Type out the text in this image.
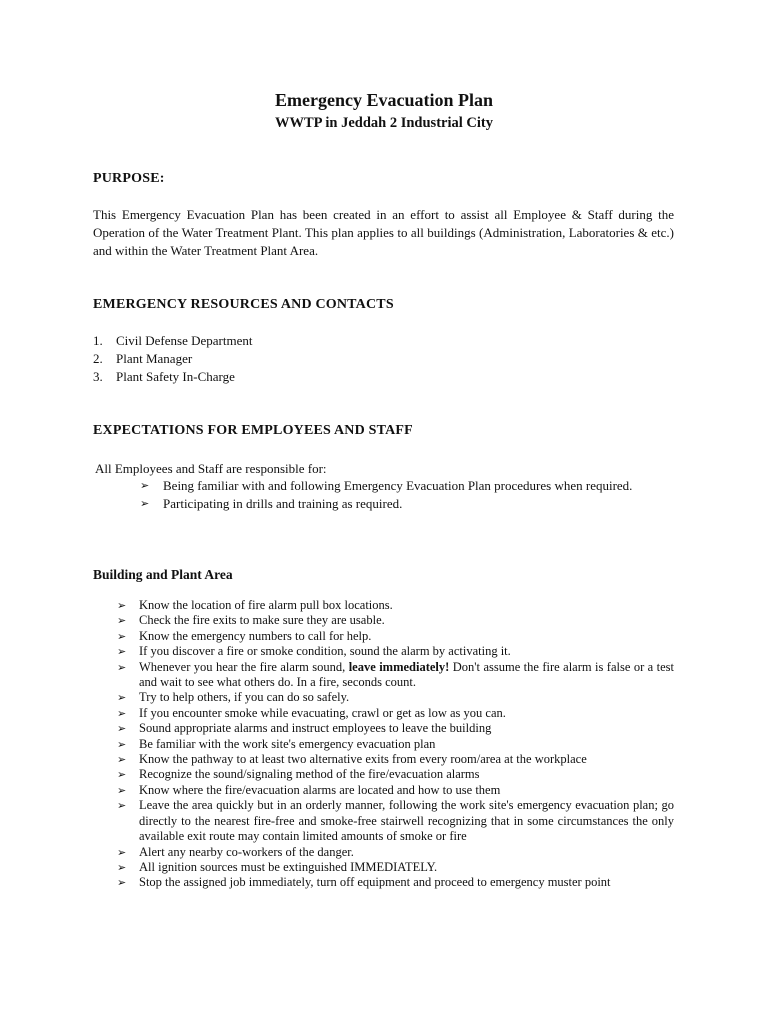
Emergency Evacuation Plan
WWTP in Jeddah 2 Industrial City
PURPOSE:
This Emergency Evacuation Plan has been created in an effort to assist all Employee & Staff during the Operation of the Water Treatment Plant. This plan applies to all buildings (Administration, Laboratories & etc.) and within the Water Treatment Plant Area.
EMERGENCY RESOURCES AND CONTACTS
1.	Civil Defense Department
2.	Plant Manager
3.	Plant Safety In-Charge
EXPECTATIONS FOR EMPLOYEES AND STAFF
All Employees and Staff are responsible for:
➢ Being familiar with and following Emergency Evacuation Plan procedures when required.
➢ Participating in drills and training as required.
Building and Plant Area
➢ Know the location of fire alarm pull box locations.
➢ Check the fire exits to make sure they are usable.
➢ Know the emergency numbers to call for help.
➢ If you discover a fire or smoke condition, sound the alarm by activating it.
➢ Whenever you hear the fire alarm sound, leave immediately! Don't assume the fire alarm is false or a test and wait to see what others do. In a fire, seconds count.
➢ Try to help others, if you can do so safely.
➢ If you encounter smoke while evacuating, crawl or get as low as you can.
➢ Sound appropriate alarms and instruct employees to leave the building
➢ Be familiar with the work site's emergency evacuation plan
➢ Know the pathway to at least two alternative exits from every room/area at the workplace
➢ Recognize the sound/signaling method of the fire/evacuation alarms
➢ Know where the fire/evacuation alarms are located and how to use them
➢ Leave the area quickly but in an orderly manner, following the work site's emergency evacuation plan; go directly to the nearest fire-free and smoke-free stairwell recognizing that in some circumstances the only available exit route may contain limited amounts of smoke or fire
➢ Alert any nearby co-workers of the danger.
➢ All ignition sources must be extinguished IMMEDIATELY.
➢ Stop the assigned job immediately, turn off equipment and proceed to emergency muster point
